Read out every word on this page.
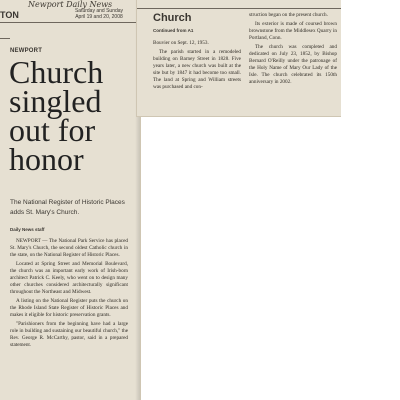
Newport Daily News
TON	Saturday and Sunday
April 19 and 20, 2008
NEWPORT
Church
singled
out for
honor
The National Register of Historic Places adds St. Mary's Church.
Daily News staff

NEWPORT — The National Park Service has placed St. Mary's Church, the second oldest Catholic church in the state, on the National Register of Historic Places.

Located at Spring Street and Memorial Boulevard, the church was an important early work of Irish-born architect Patrick C. Keely, who went on to design many other churches considered architecturally significant throughout the Northeast and Midwest.

A listing on the National Register puts the church on the Rhode Island State Register of Historic Places and makes it eligible for historic preservation grants.

"Parishioners from the beginning have had a large role in building and sustaining our beautiful church," the Rev. George R. McCarthy, pastor, said in a prepared statement.

Church
Continued from A1

Bouvier on Sept. 12, 1953.

The parish started in a remodeled building on Barney Street in 1828. Five years later, a new church was built at the site but by 1847 it had become too small. The land at Spring and William streets was purchased and con-

struction began on the present church.

Its exterior is made of coursed brown brownstone from the Middlesex Quarry in Portland, Conn.

The church was completed and dedicated on July 23, 1852, by Bishop Bernard O'Reilly under the patronage of the Holy Name of Mary Our Lady of the Isle. The church celebrated its 150th anniversary in 2002.
